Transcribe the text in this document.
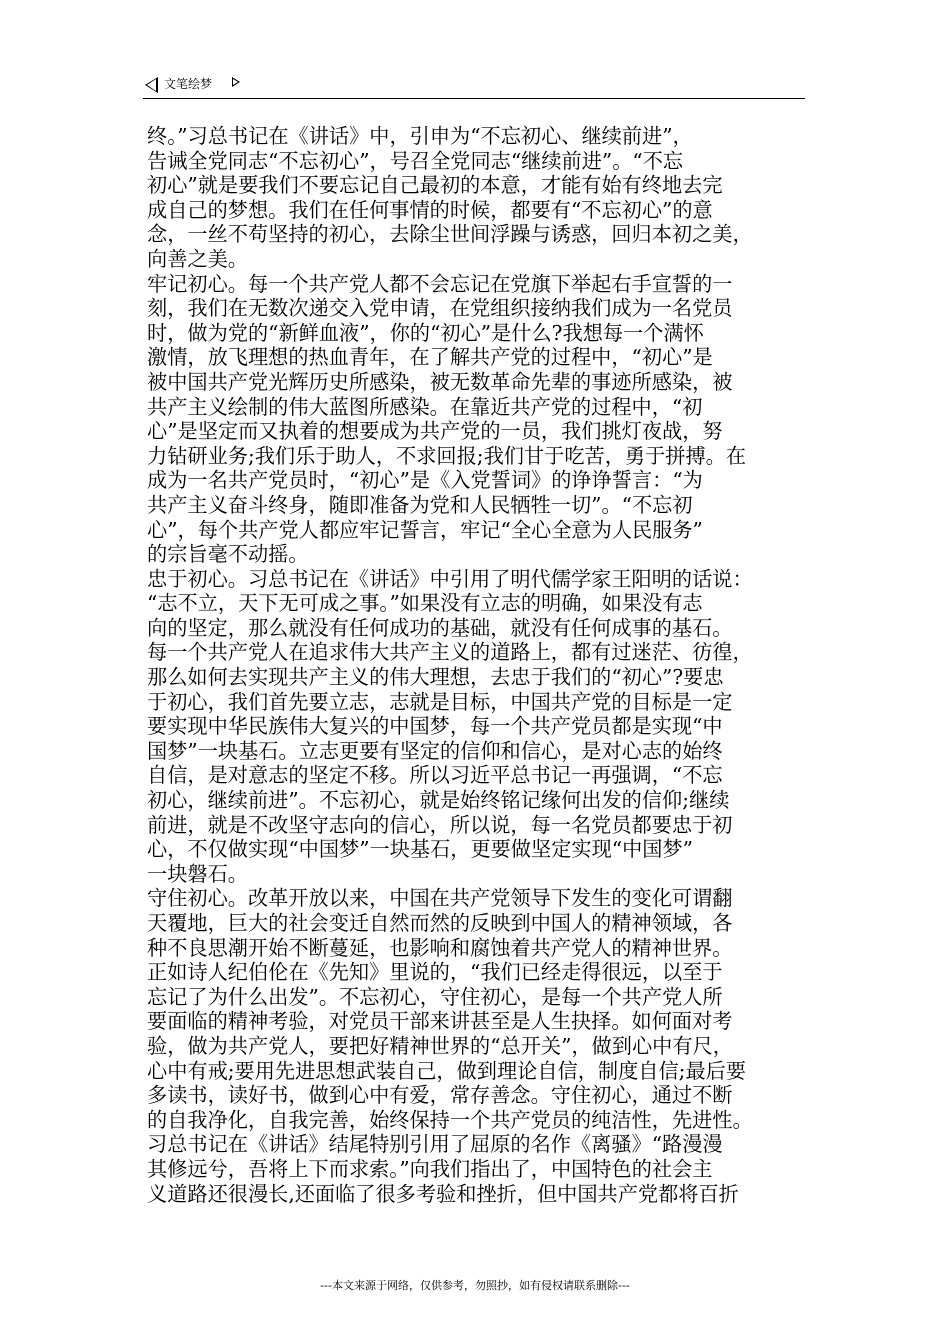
文笔绘梦
终。”习总书记在《讲话》中，引申为“不忘初心、继续前进”，
告诫全党同志“不忘初心”，号召全党同志“继续前进”。“不忘
初心”就是要我们不要忘记自己最初的本意，才能有始有终地去完
成自己的梦想。我们在任何事情的时候，都要有“不忘初心”的意
念，一丝不苟坚持的初心，去除尘世间浮躁与诱惑，回归本初之美，
向善之美。
牢记初心。每一个共产党人都不会忘记在党旗下举起右手宣誓的一
刻，我们在无数次递交入党申请，在党组织接纳我们成为一名党员
时，做为党的“新鲜血液”，你的“初心”是什么?我想每一个满怀
激情，放飞理想的热血青年，在了解共产党的过程中，“初心”是
被中国共产党光辉历史所感染，被无数革命先辈的事迹所感染，被
共产主义绘制的伟大蓝图所感染。在靠近共产党的过程中，“初
心”是坚定而又执着的想要成为共产党的一员，我们挑灯夜战，努
力钻研业务;我们乐于助人，不求回报;我们甘于吃苦，勇于拼搏。在
成为一名共产党员时，“初心”是《入党誓词》的诤诤誓言：“为
共产主义奋斗终身，随即准备为党和人民牺牲一切”。“不忘初
心”，每个共产党人都应牢记誓言，牢记“全心全意为人民服务”
的宗旨毫不动摇。
忠于初心。习总书记在《讲话》中引用了明代儒学家王阳明的话说：
“志不立，天下无可成之事。”如果没有立志的明确，如果没有志
向的坚定，那么就没有任何成功的基础，就没有任何成事的基石。
每一个共产党人在追求伟大共产主义的道路上，都有过迷茫、彷徨，
那么如何去实现共产主义的伟大理想，去忠于我们的“初心”?要忠
于初心，我们首先要立志，志就是目标，中国共产党的目标是一定
要实现中华民族伟大复兴的中国梦，每一个共产党员都是实现“中
国梦”一块基石。立志更要有坚定的信仰和信心，是对心志的始终
自信，是对意志的坚定不移。所以习近平总书记一再强调，“不忘
初心，继续前进”。不忘初心，就是始终铭记缘何出发的信仰;继续
前进，就是不改坚守志向的信心，所以说，每一名党员都要忠于初
心，不仅做实现“中国梦”一块基石，更要做坚定实现“中国梦”
一块磐石。
守住初心。改革开放以来，中国在共产党领导下发生的变化可谓翻
天覆地，巨大的社会变迁自然而然的反映到中国人的精神领域，各
种不良思潮开始不断蔓延，也影响和腐蚀着共产党人的精神世界。
正如诗人纪伯伦在《先知》里说的，“我们已经走得很远，以至于
忘记了为什么出发”。不忘初心，守住初心，是每一个共产党人所
要面临的精神考验，对党员干部来讲甚至是人生抉择。如何面对考
验，做为共产党人，要把好精神世界的“总开关”，做到心中有尺，
心中有戒;要用先进思想武装自己，做到理论自信，制度自信;最后要
多读书，读好书，做到心中有爱，常存善念。守住初心，通过不断
的自我净化，自我完善，始终保持一个共产党员的纯洁性，先进性。
习总书记在《讲话》结尾特别引用了屈原的名作《离骚》“路漫漫
其修远兮，吾将上下而求索。”向我们指出了，中国特色的社会主
义道路还很漫长,还面临了很多考验和挫折，但中国共产党都将百折
---本文来源于网络，仅供参考，勿照抄，如有侵权请联系删除---
